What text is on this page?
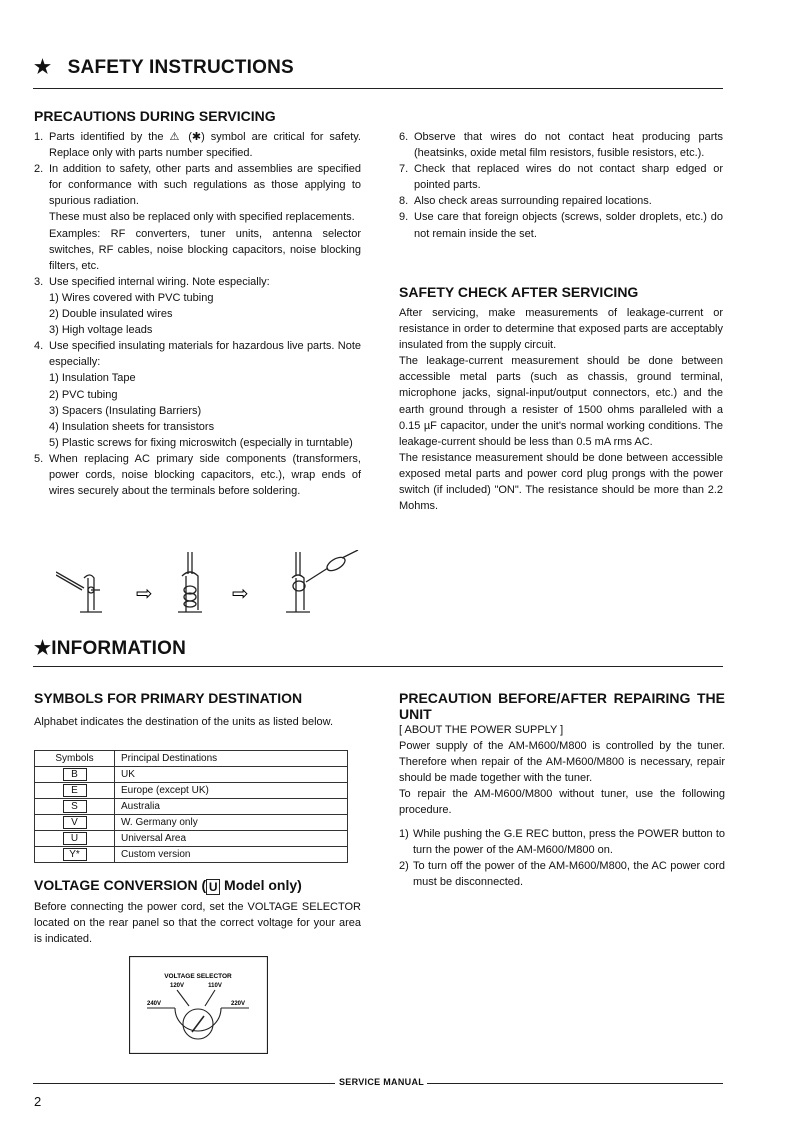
★ SAFETY INSTRUCTIONS
PRECAUTIONS DURING SERVICING
1. Parts identified by the ⚠ (✱) symbol are critical for safety. Replace only with parts number specified.
2. In addition to safety, other parts and assemblies are specified for conformance with such regulations as those applying to spurious radiation.
These must also be replaced only with specified replacements.
Examples: RF converters, tuner units, antenna selector switches, RF cables, noise blocking capacitors, noise blocking filters, etc.
3. Use specified internal wiring. Note especially:
1) Wires covered with PVC tubing
2) Double insulated wires
3) High voltage leads
4. Use specified insulating materials for hazardous live parts. Note especially:
1) Insulation Tape
2) PVC tubing
3) Spacers (Insulating Barriers)
4) Insulation sheets for transistors
5) Plastic screws for fixing microswitch (especially in turntable)
5. When replacing AC primary side components (transformers, power cords, noise blocking capacitors, etc.), wrap ends of wires securely about the terminals before soldering.
⇨	⇨
6. Observe that wires do not contact heat producing parts (heatsinks, oxide metal film resistors, fusible resistors, etc.).
7. Check that replaced wires do not contact sharp edged or pointed parts.
8. Also check areas surrounding repaired locations.
9. Use care that foreign objects (screws, solder droplets, etc.) do not remain inside the set.
SAFETY CHECK AFTER SERVICING

After servicing, make measurements of leakage-current or resistance in order to determine that exposed parts are acceptably insulated from the supply circuit.

The leakage-current measurement should be done between accessible metal parts (such as chassis, ground terminal, microphone jacks, signal-input/output connectors, etc.) and the earth ground through a resister of 1500 ohms paralleled with a 0.15 µF capacitor, under the unit's normal working conditions. The leakage-current should be less than 0.5 mA rms AC.

The resistance measurement should be done between accessible exposed metal parts and power cord plug prongs with the power switch (if included) "ON". The resistance should be more than 2.2 Mohms.

★INFORMATION
SYMBOLS FOR PRIMARY DESTINATION
Alphabet indicates the destination of the units as listed below.
Symbols	Principal Destinations
B	UK
E	Europe (except UK)
S	Australia
V	W. Germany only
U	Universal Area
Y*	Custom version
VOLTAGE CONVERSION ( U Model only)
Before connecting the power cord, set the VOLTAGE SELECTOR located on the rear panel so that the correct voltage for your area is indicated.
VOLTAGE SELECTOR
120V	110V
240V	220V
PRECAUTION BEFORE/AFTER REPAIRING THE UNIT

[ ABOUT THE POWER SUPPLY ]

Power supply of the AM-M600/M800 is controlled by the tuner. Therefore when repair of the AM-M600/M800 is necessary, repair should be made together with the tuner.

To repair the AM-M600/M800 without tuner, use the following procedure.

1) While pushing the G.E REC button, press the POWER button to turn the power of the AM-M600/M800 on.
2) To turn off the power of the AM-M600/M800, the AC power cord must be disconnected.
SERVICE MANUAL
2
